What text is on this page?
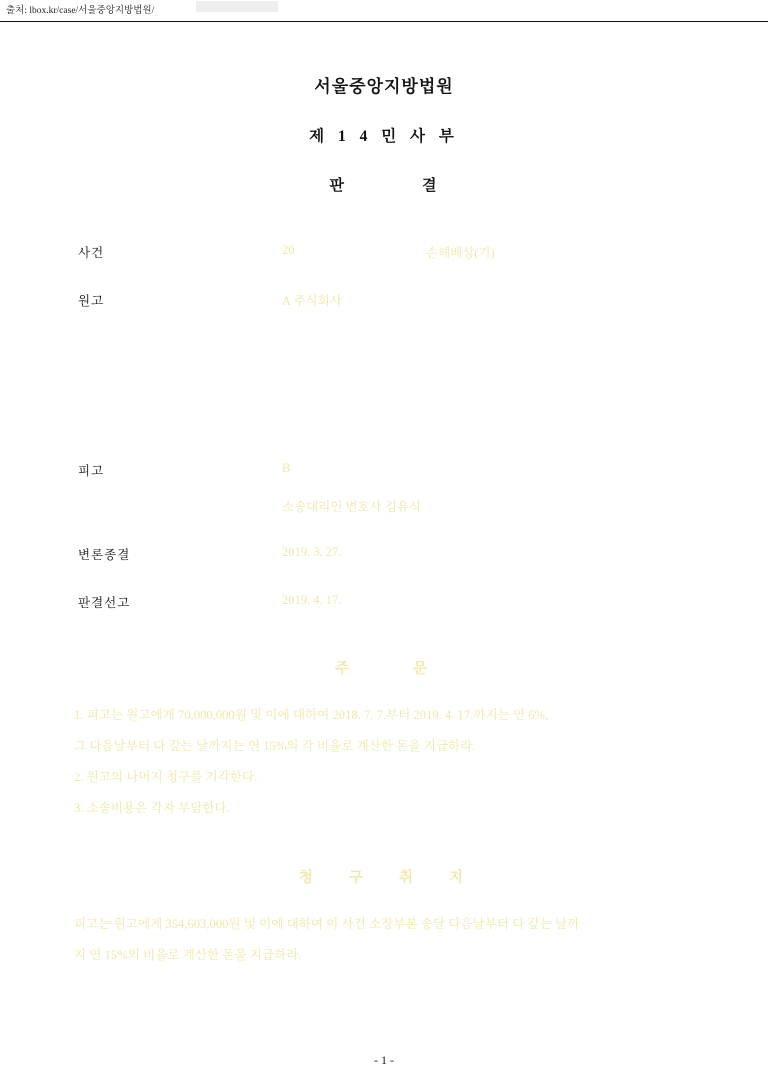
출처: lbox.kr/case/서울중앙지방법원/
서울중앙지방법원
제 1 4 민 사 부
판	결
사건	20	손해배상(기)
원고	A 주식회사
피고	B
소송대리인 변호사 김유식
변론종결	2019. 3. 27.
판결선고	2019. 4. 17.
주	문
1. 피고는 원고에게 70,000,000원 및 이에 대하여 2018. 7. 7.부터 2019. 4. 17.까지는 연 6%,
그 다음날부터 다 갚는 날까지는 연 15%의 각 비율로 계산한 돈을 지급하라.
2. 원고의 나머지 청구를 기각한다.
3. 소송비용은 각자 부담한다.
청 구 취 지
피고는 원고에게 354,603,000원 및 이에 대하여 이 사건 소장부본 송달 다음날부터 다 갚는 날까
지 연 15%의 비율로 계산한 돈을 지급하라.
- 1 -
